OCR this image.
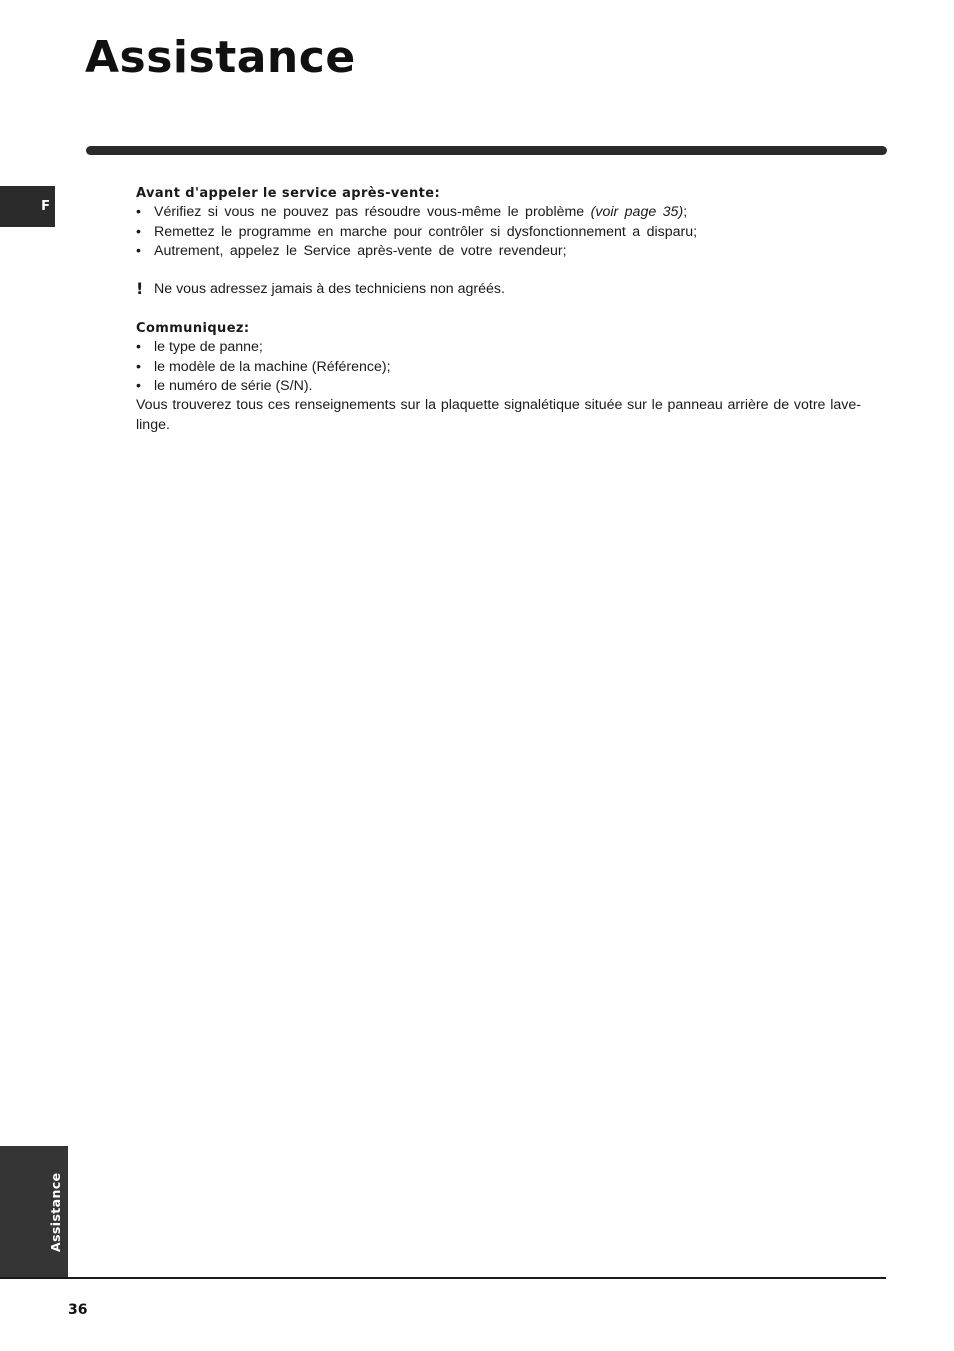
Assistance
F

Avant d'appeler le service après-vente:

• Vérifiez si vous ne pouvez pas résoudre vous-même le problème (voir page 35);
• Remettez le programme en marche pour contrôler si dysfonctionnement a disparu;
• Autrement, appelez le Service après-vente de votre revendeur;

! Ne vous adressez jamais à des techniciens non agréés.

Communiquez:

• le type de panne;
• le modèle de la machine (Référence);
• le numéro de série (S/N).

Vous trouverez tous ces renseignements sur la plaquette signalétique située sur le panneau arrière de votre lave-linge.

Assistance
36
